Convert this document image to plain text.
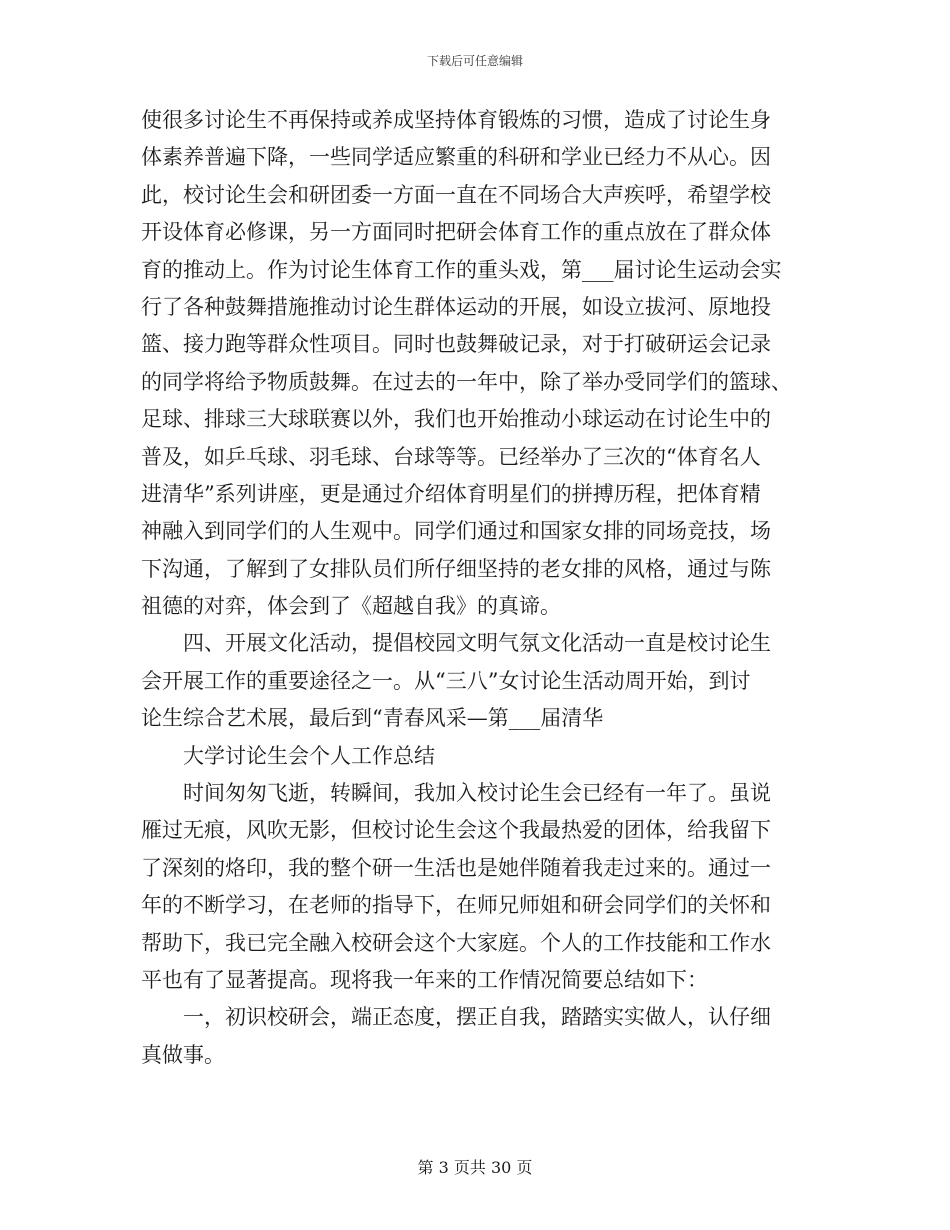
下载后可任意编辑
使很多讨论生不再保持或养成坚持体育锻炼的习惯，造成了讨论生身
体素养普遍下降，一些同学适应繁重的科研和学业已经力不从心。因
此，校讨论生会和研团委一方面一直在不同场合大声疾呼，希望学校
开设体育必修课，另一方面同时把研会体育工作的重点放在了群众体
育的推动上。作为讨论生体育工作的重头戏，第___届讨论生运动会实
行了各种鼓舞措施推动讨论生群体运动的开展，如设立拔河、原地投
篮、接力跑等群众性项目。同时也鼓舞破记录，对于打破研运会记录
的同学将给予物质鼓舞。在过去的一年中，除了举办受同学们的篮球、
足球、排球三大球联赛以外，我们也开始推动小球运动在讨论生中的
普及，如乒乓球、羽毛球、台球等等。已经举办了三次的“体育名人
进清华”系列讲座，更是通过介绍体育明星们的拼搏历程，把体育精
神融入到同学们的人生观中。同学们通过和国家女排的同场竞技，场
下沟通，了解到了女排队员们所仔细坚持的老女排的风格，通过与陈
祖德的对弈，体会到了《超越自我》的真谛。
四、开展文化活动，提倡校园文明气氛文化活动一直是校讨论生
会开展工作的重要途径之一。从“三八”女讨论生活动周开始，到讨
论生综合艺术展，最后到“青春风采—第___届清华
大学讨论生会个人工作总结
时间匆匆飞逝，转瞬间，我加入校讨论生会已经有一年了。虽说
雁过无痕，风吹无影，但校讨论生会这个我最热爱的团体，给我留下
了深刻的烙印，我的整个研一生活也是她伴随着我走过来的。通过一
年的不断学习，在老师的指导下，在师兄师姐和研会同学们的关怀和
帮助下，我已完全融入校研会这个大家庭。个人的工作技能和工作水
平也有了显著提高。现将我一年来的工作情况简要总结如下：
一，初识校研会，端正态度，摆正自我，踏踏实实做人，认仔细
真做事。
第 3 页共 30 页
